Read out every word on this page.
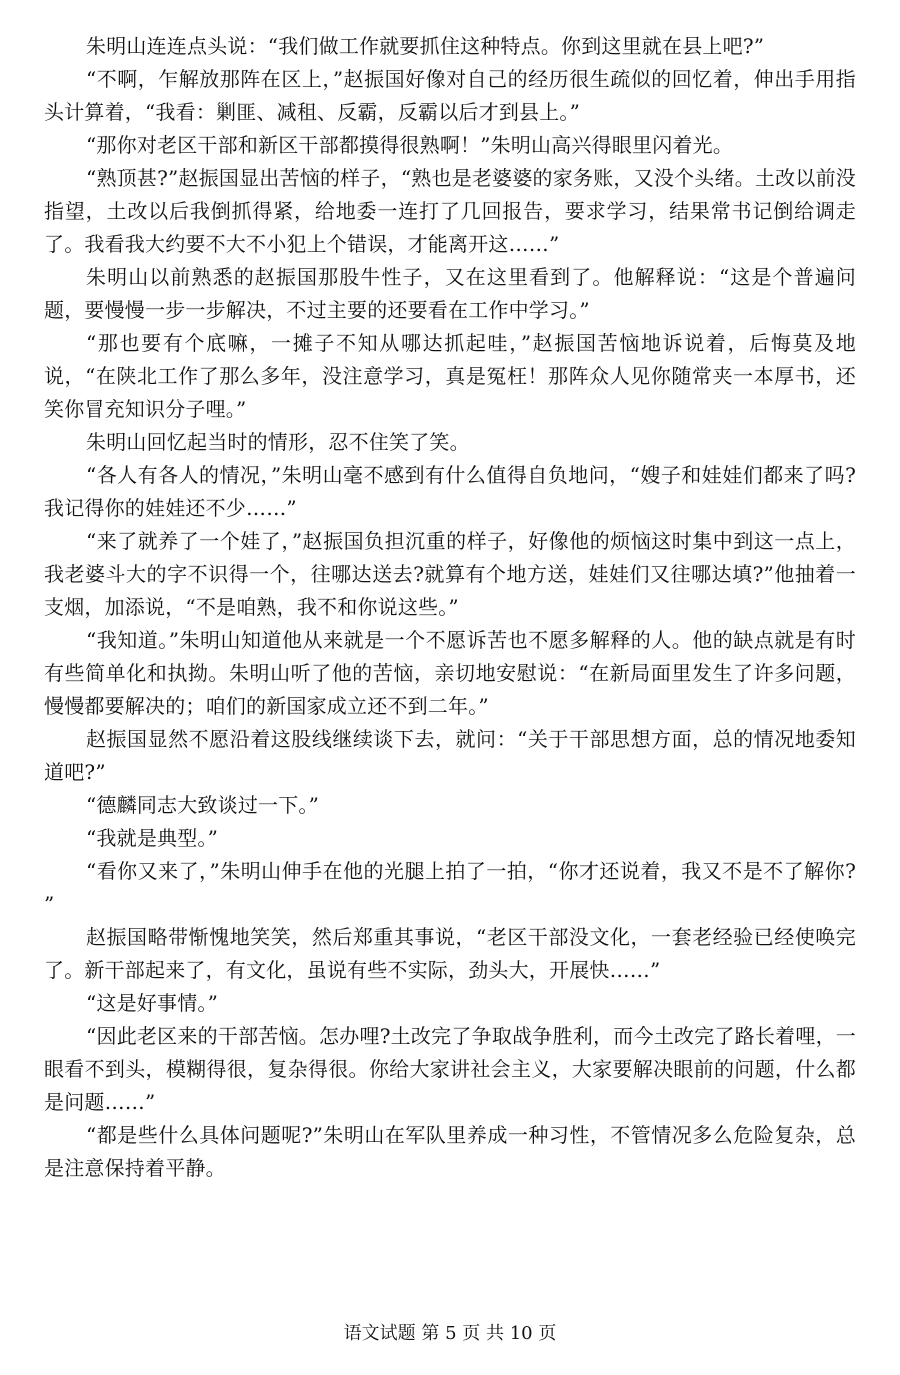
朱明山连连点头说：“我们做工作就要抓住这种特点。你到这里就在县上吧?”

“不啊，乍解放那阵在区上，”赵振国好像对自己的经历很生疏似的回忆着，伸出手用指头计算着，“我看：剿匪、减租、反霸，反霸以后才到县上。”

“那你对老区干部和新区干部都摸得很熟啊！”朱明山高兴得眼里闪着光。

“熟顶甚?”赵振国显出苦恼的样子，“熟也是老婆婆的家务账，又没个头绪。土改以前没指望，土改以后我倒抓得紧，给地委一连打了几回报告，要求学习，结果常书记倒给调走了。我看我大约要不大不小犯上个错误，才能离开这……”

朱明山以前熟悉的赵振国那股牛性子，又在这里看到了。他解释说：“这是个普遍问题，要慢慢一步一步解决，不过主要的还要看在工作中学习。”

“那也要有个底嘛，一摊子不知从哪达抓起哇，”赵振国苦恼地诉说着，后悔莫及地说，“在陕北工作了那么多年，没注意学习，真是冤枉！那阵众人见你随常夹一本厚书，还笑你冒充知识分子哩。”

朱明山回忆起当时的情形，忍不住笑了笑。

“各人有各人的情况，”朱明山毫不感到有什么值得自负地问，“嫂子和娃娃们都来了吗?我记得你的娃娃还不少……”

“来了就养了一个娃了，”赵振国负担沉重的样子，好像他的烦恼这时集中到这一点上，我老婆斗大的字不识得一个，往哪达送去?就算有个地方送，娃娃们又往哪达填?”他抽着一支烟，加添说，“不是咱熟，我不和你说这些。”

“我知道。”朱明山知道他从来就是一个不愿诉苦也不愿多解释的人。他的缺点就是有时有些简单化和执拗。朱明山听了他的苦恼，亲切地安慰说：“在新局面里发生了许多问题，慢慢都要解决的；咱们的新国家成立还不到二年。”

赵振国显然不愿沿着这股线继续谈下去，就问：“关于干部思想方面，总的情况地委知道吧?”

“德麟同志大致谈过一下。”

“我就是典型。”

“看你又来了，”朱明山伸手在他的光腿上拍了一拍，“你才还说着，我又不是不了解你? ”

赵振国略带惭愧地笑笑，然后郑重其事说，“老区干部没文化，一套老经验已经使唤完了。新干部起来了，有文化，虽说有些不实际，劲头大，开展快……”

“这是好事情。”

“因此老区来的干部苦恼。怎办哩?土改完了争取战争胜利，而今土改完了路长着哩，一眼看不到头，模糊得很，复杂得很。你给大家讲社会主义，大家要解决眼前的问题，什么都是问题……”

“都是些什么具体问题呢?”朱明山在军队里养成一种习性，不管情况多么危险复杂，总是注意保持着平静。

语文试题 第 5 页 共 10 页
